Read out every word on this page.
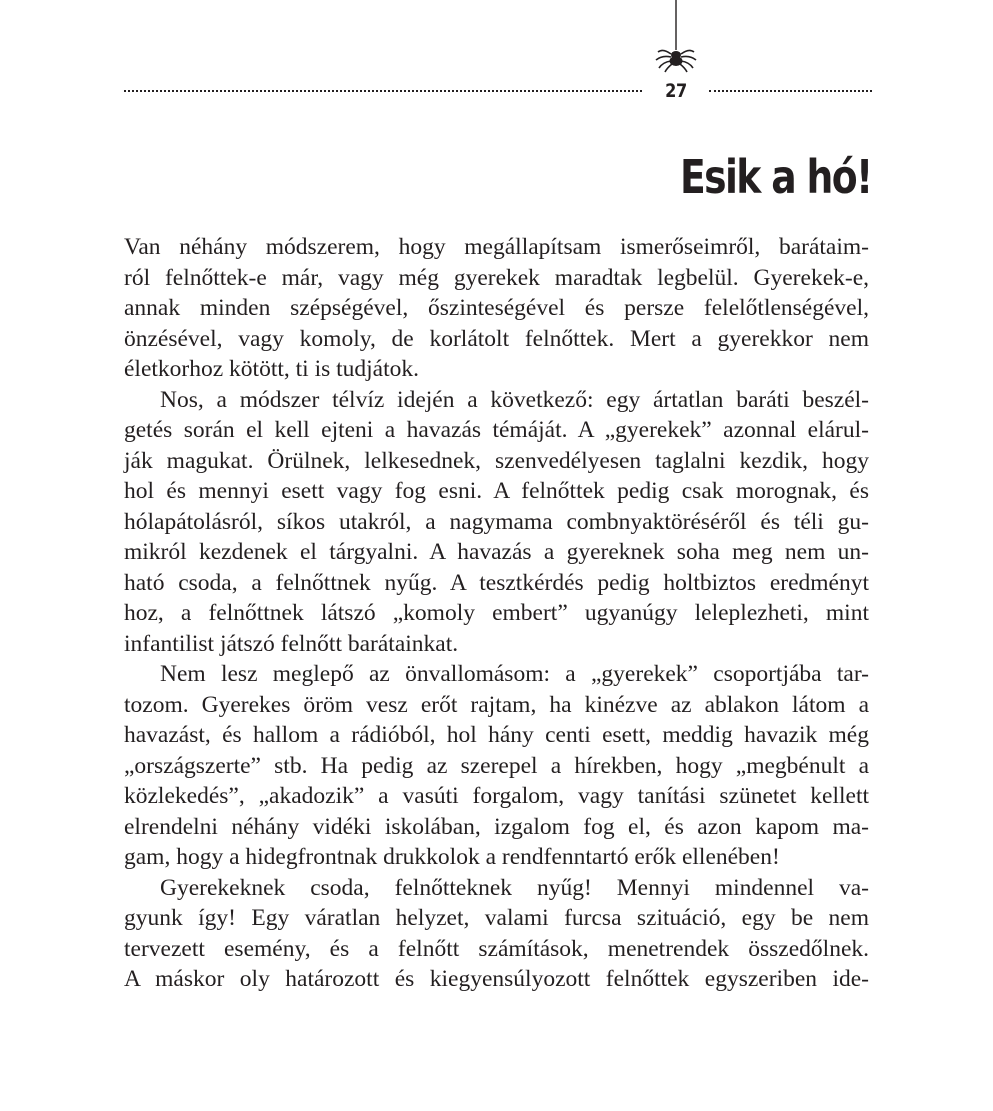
27
Esik a hó!

Van néhány módszerem, hogy megállapítsam ismerőseimről, barátaim-
ról felnőttek-e már, vagy még gyerekek maradtak legbelül. Gyerekek-e,
annak minden szépségével, őszinteségével és persze felelőtlenségével,
önzésével, vagy komoly, de korlátolt felnőttek. Mert a gyerekkor nem
életkorhoz kötött, ti is tudjátok.

Nos, a módszer télvíz idején a következő: egy ártatlan baráti beszél-
getés során el kell ejteni a havazás témáját. A „gyerekek” azonnal elárul-
ják magukat. Örülnek, lelkesednek, szenvedélyesen taglalni kezdik, hogy
hol és mennyi esett vagy fog esni. A felnőttek pedig csak morognak, és
hólapátolásról, síkos utakról, a nagymama combnyaktöréséről és téli gu-
mikról kezdenek el tárgyalni. A havazás a gyereknek soha meg nem un-
ható csoda, a felnőttnek nyűg. A tesztkérdés pedig holtbiztos eredményt
hoz, a felnőttnek látszó „komoly embert” ugyanúgy leleplezheti, mint
infantilist játszó felnőtt barátainkat.

Nem lesz meglepő az önvallomásom: a „gyerekek” csoportjába tar-
tozom. Gyerekes öröm vesz erőt rajtam, ha kinézve az ablakon látom a
havazást, és hallom a rádióból, hol hány centi esett, meddig havazik még
„országszerte” stb. Ha pedig az szerepel a hírekben, hogy „megbénult a
közlekedés”, „akadozik” a vasúti forgalom, vagy tanítási szünetet kellett
elrendelni néhány vidéki iskolában, izgalom fog el, és azon kapom ma-
gam, hogy a hidegfrontnak drukkolok a rendfenntartó erők ellenében!

Gyerekeknek csoda, felnőtteknek nyűg! Mennyi mindennel va-
gyunk így! Egy váratlan helyzet, valami furcsa szituáció, egy be nem
tervezett esemény, és a felnőtt számítások, menetrendek összedőlnek.
A máskor oly határozott és kiegyensúlyozott felnőttek egyszeriben ide-
